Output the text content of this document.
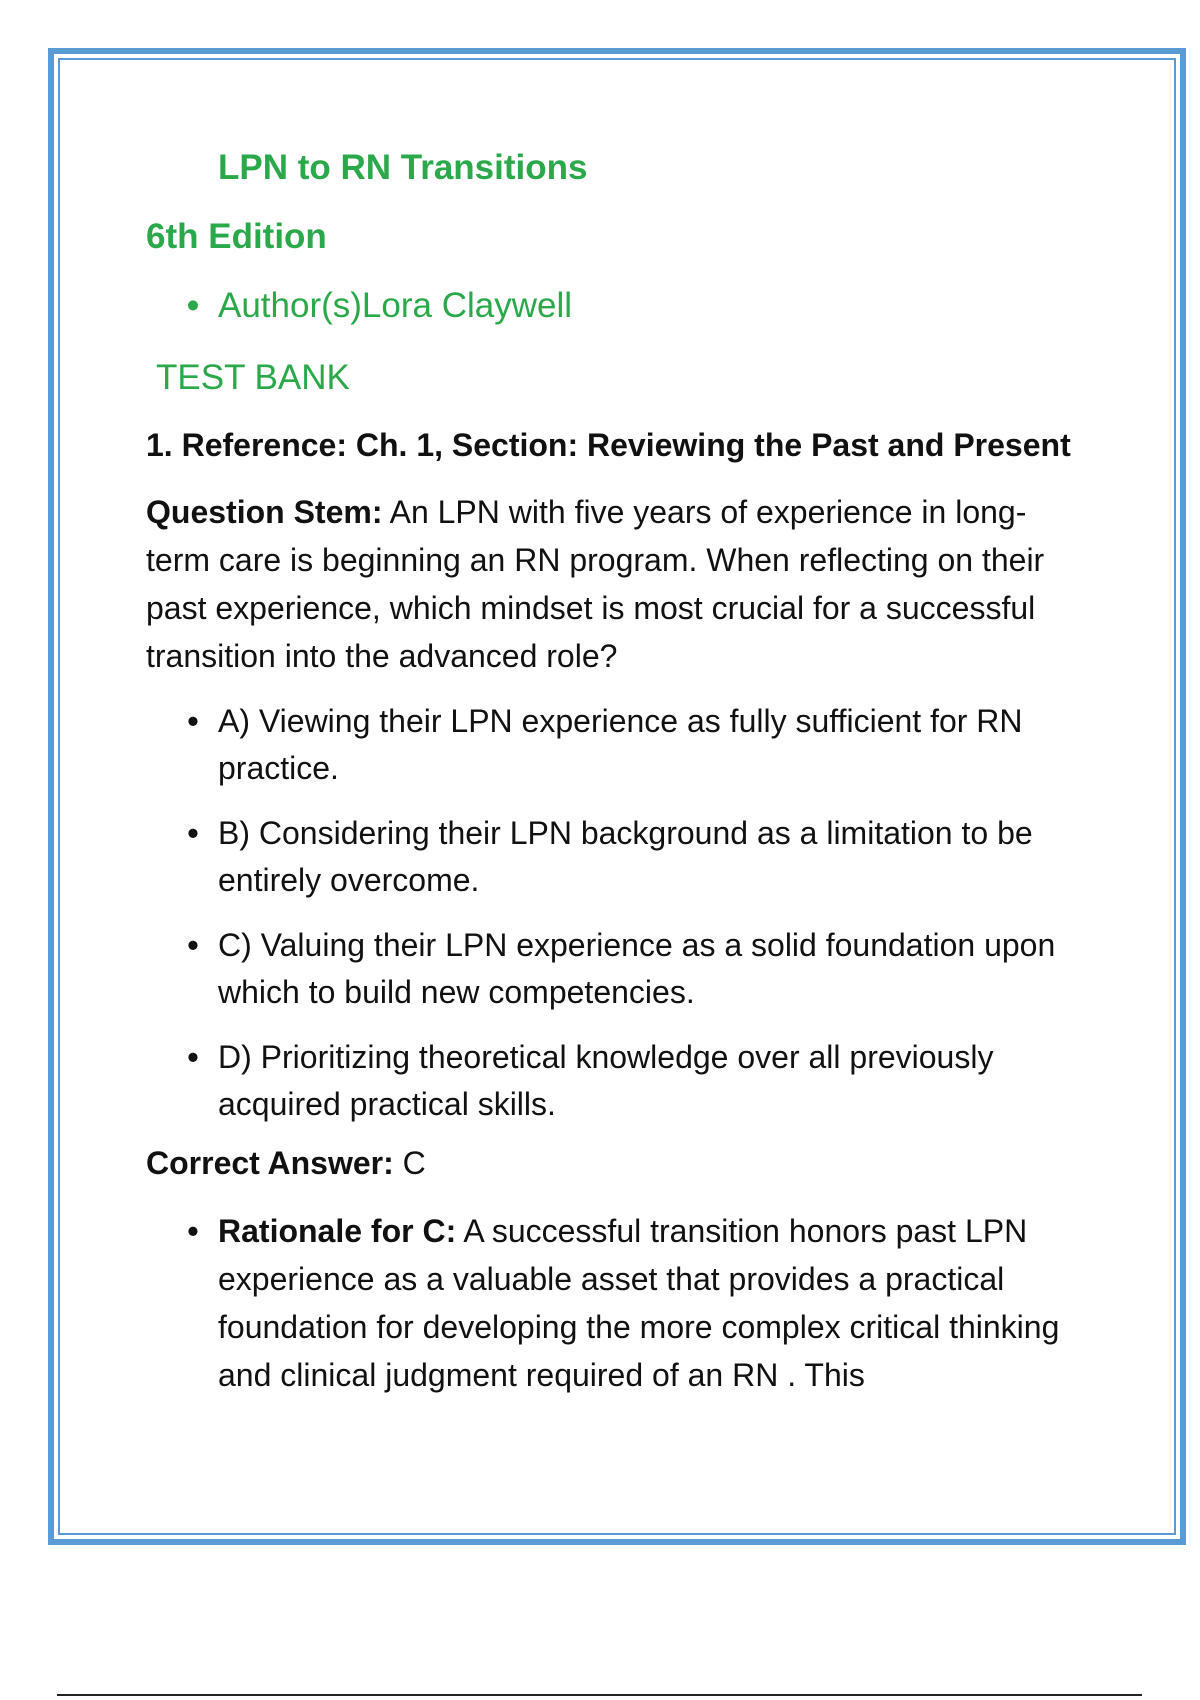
LPN to RN Transitions
6th Edition
• Author(s)Lora Claywell
TEST BANK
1. Reference: Ch. 1, Section: Reviewing the Past and Present
Question Stem: An LPN with five years of experience in long-term care is beginning an RN program. When reflecting on their past experience, which mindset is most crucial for a successful transition into the advanced role?
• A) Viewing their LPN experience as fully sufficient for RN practice.
• B) Considering their LPN background as a limitation to be entirely overcome.
• C) Valuing their LPN experience as a solid foundation upon which to build new competencies.
• D) Prioritizing theoretical knowledge over all previously acquired practical skills.
Correct Answer: C
• Rationale for C: A successful transition honors past LPN experience as a valuable asset that provides a practical foundation for developing the more complex critical thinking and clinical judgment required of an RN . This
